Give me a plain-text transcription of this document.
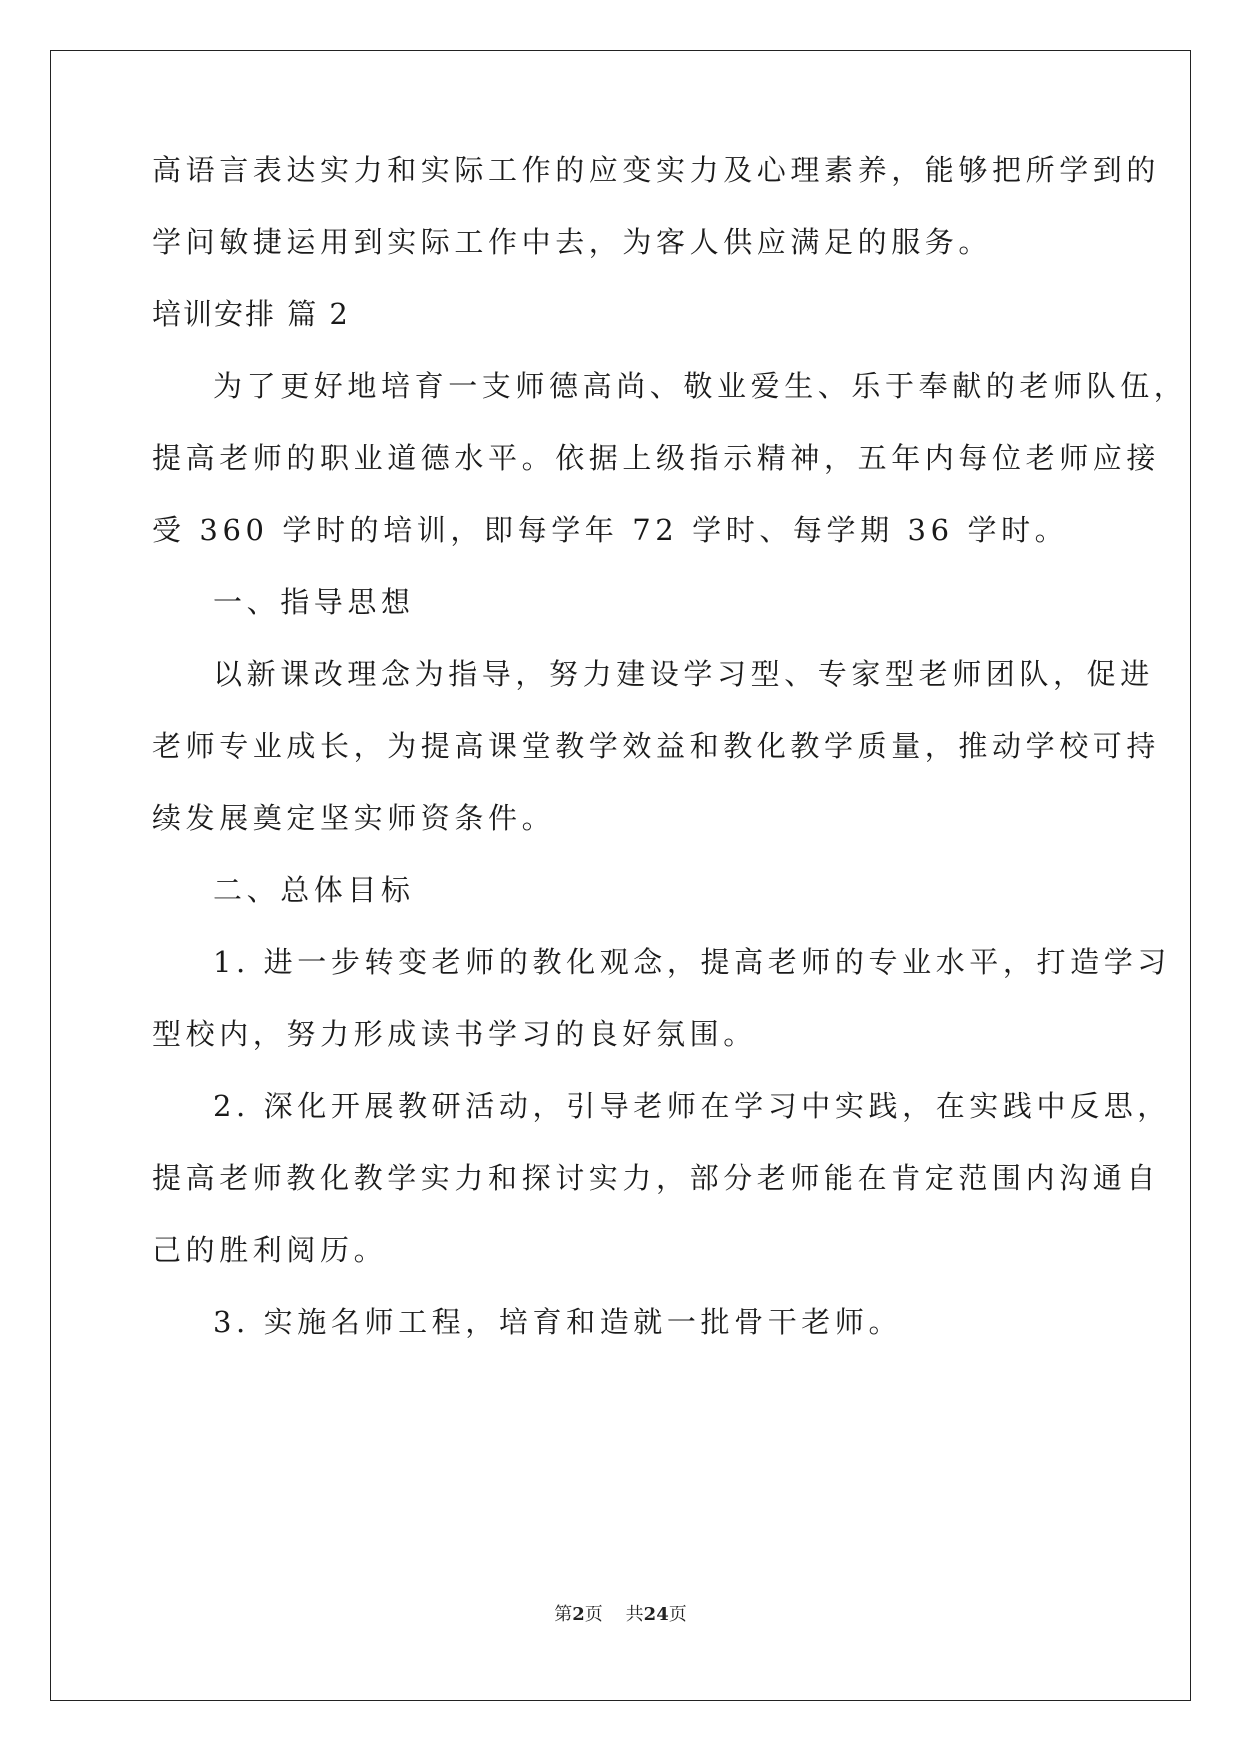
高语言表达实力和实际工作的应变实力及心理素养，能够把所学到的
学问敏捷运用到实际工作中去，为客人供应满足的服务。
培训安排 篇 2
为了更好地培育一支师德高尚、敬业爱生、乐于奉献的老师队伍，
提高老师的职业道德水平。依据上级指示精神，五年内每位老师应接
受 360 学时的培训，即每学年 72 学时、每学期 36 学时。
一、指导思想
以新课改理念为指导，努力建设学习型、专家型老师团队，促进
老师专业成长，为提高课堂教学效益和教化教学质量，推动学校可持
续发展奠定坚实师资条件。
二、总体目标
1. 进一步转变老师的教化观念，提高老师的专业水平，打造学习
型校内，努力形成读书学习的良好氛围。
2. 深化开展教研活动，引导老师在学习中实践，在实践中反思，
提高老师教化教学实力和探讨实力，部分老师能在肯定范围内沟通自
己的胜利阅历。
3. 实施名师工程，培育和造就一批骨干老师。
第2页 共24页
